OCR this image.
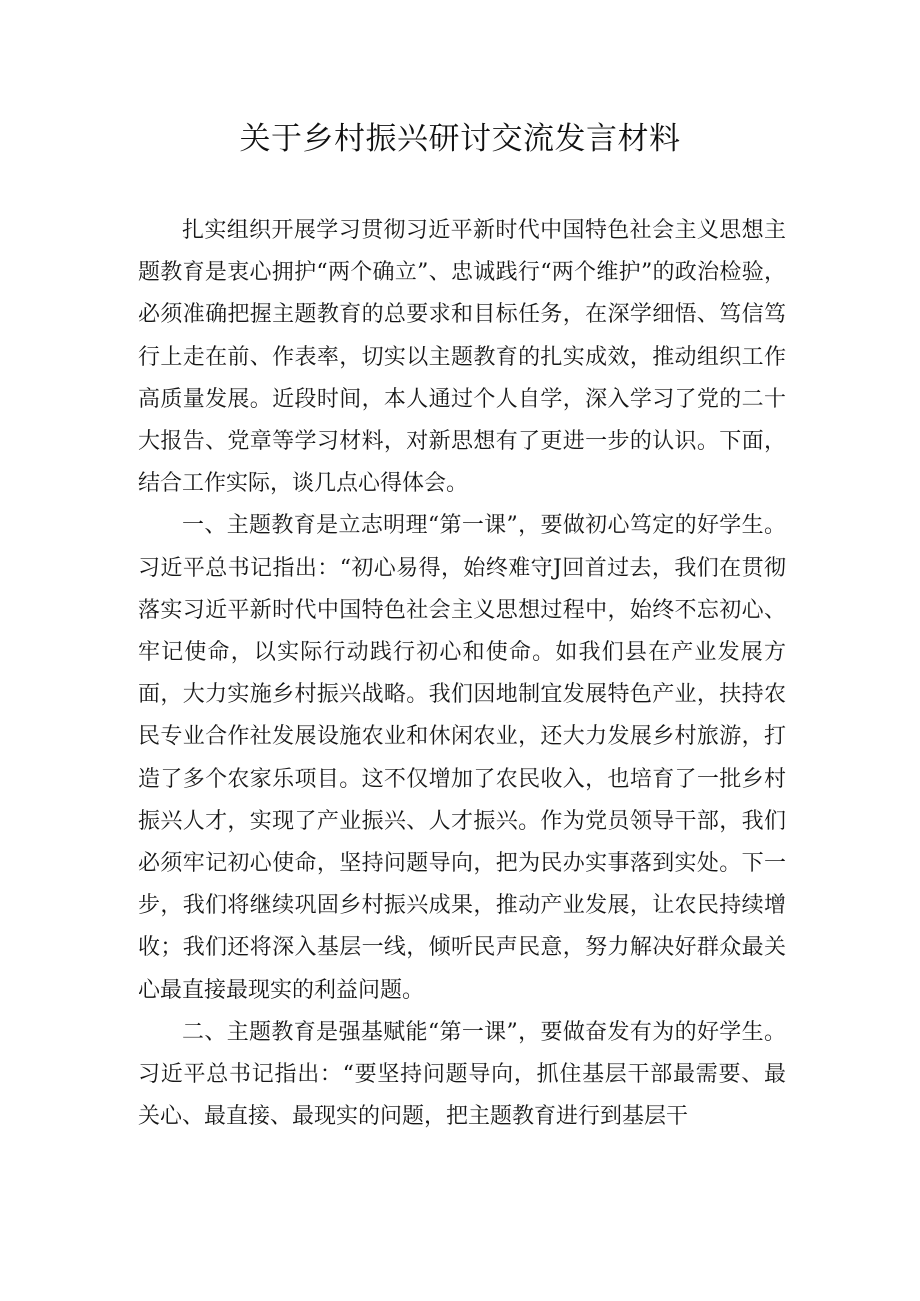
关于乡村振兴研讨交流发言材料

扎实组织开展学习贯彻习近平新时代中国特色社会主义思想主题教育是衷心拥护“两个确立”、忠诚践行“两个维护”的政治检验，必须准确把握主题教育的总要求和目标任务，在深学细悟、笃信笃行上走在前、作表率，切实以主题教育的扎实成效，推动组织工作高质量发展。近段时间，本人通过个人自学，深入学习了党的二十大报告、党章等学习材料，对新思想有了更进一步的认识。下面，结合工作实际，谈几点心得体会。

一、主题教育是立志明理“第一课”，要做初心笃定的好学生。习近平总书记指出：“初心易得，始终难守J回首过去，我们在贯彻落实习近平新时代中国特色社会主义思想过程中，始终不忘初心、牢记使命，以实际行动践行初心和使命。如我们县在产业发展方面，大力实施乡村振兴战略。我们因地制宜发展特色产业，扶持农民专业合作社发展设施农业和休闲农业，还大力发展乡村旅游，打造了多个农家乐项目。这不仅增加了农民收入，也培育了一批乡村振兴人才，实现了产业振兴、人才振兴。作为党员领导干部，我们必须牢记初心使命，坚持问题导向，把为民办实事落到实处。下一步，我们将继续巩固乡村振兴成果，推动产业发展，让农民持续增收；我们还将深入基层一线，倾听民声民意，努力解决好群众最关心最直接最现实的利益问题。

二、主题教育是强基赋能“第一课”，要做奋发有为的好学生。习近平总书记指出：“要坚持问题导向，抓住基层干部最需要、最关心、最直接、最现实的问题，把主题教育进行到基层干
